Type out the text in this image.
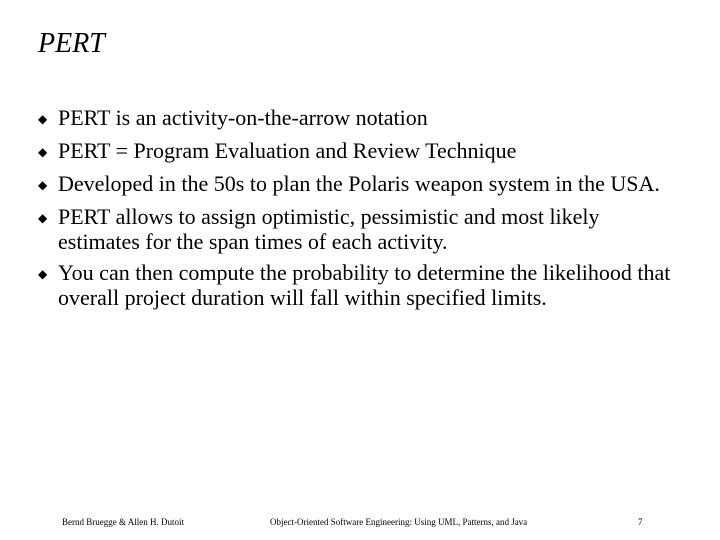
PERT
◆ PERT is an activity-on-the-arrow notation
◆ PERT = Program Evaluation and Review Technique
◆ Developed in the 50s to plan the Polaris weapon system in the USA.
◆ PERT allows to assign optimistic, pessimistic and most likely estimates for the span times of each activity.
◆ You can then compute the probability to determine the likelihood that overall project duration will fall within specified limits.
Bernd Bruegge & Allen H. Dutoit	Object-Oriented Software Engineering: Using UML, Patterns, and Java	7
